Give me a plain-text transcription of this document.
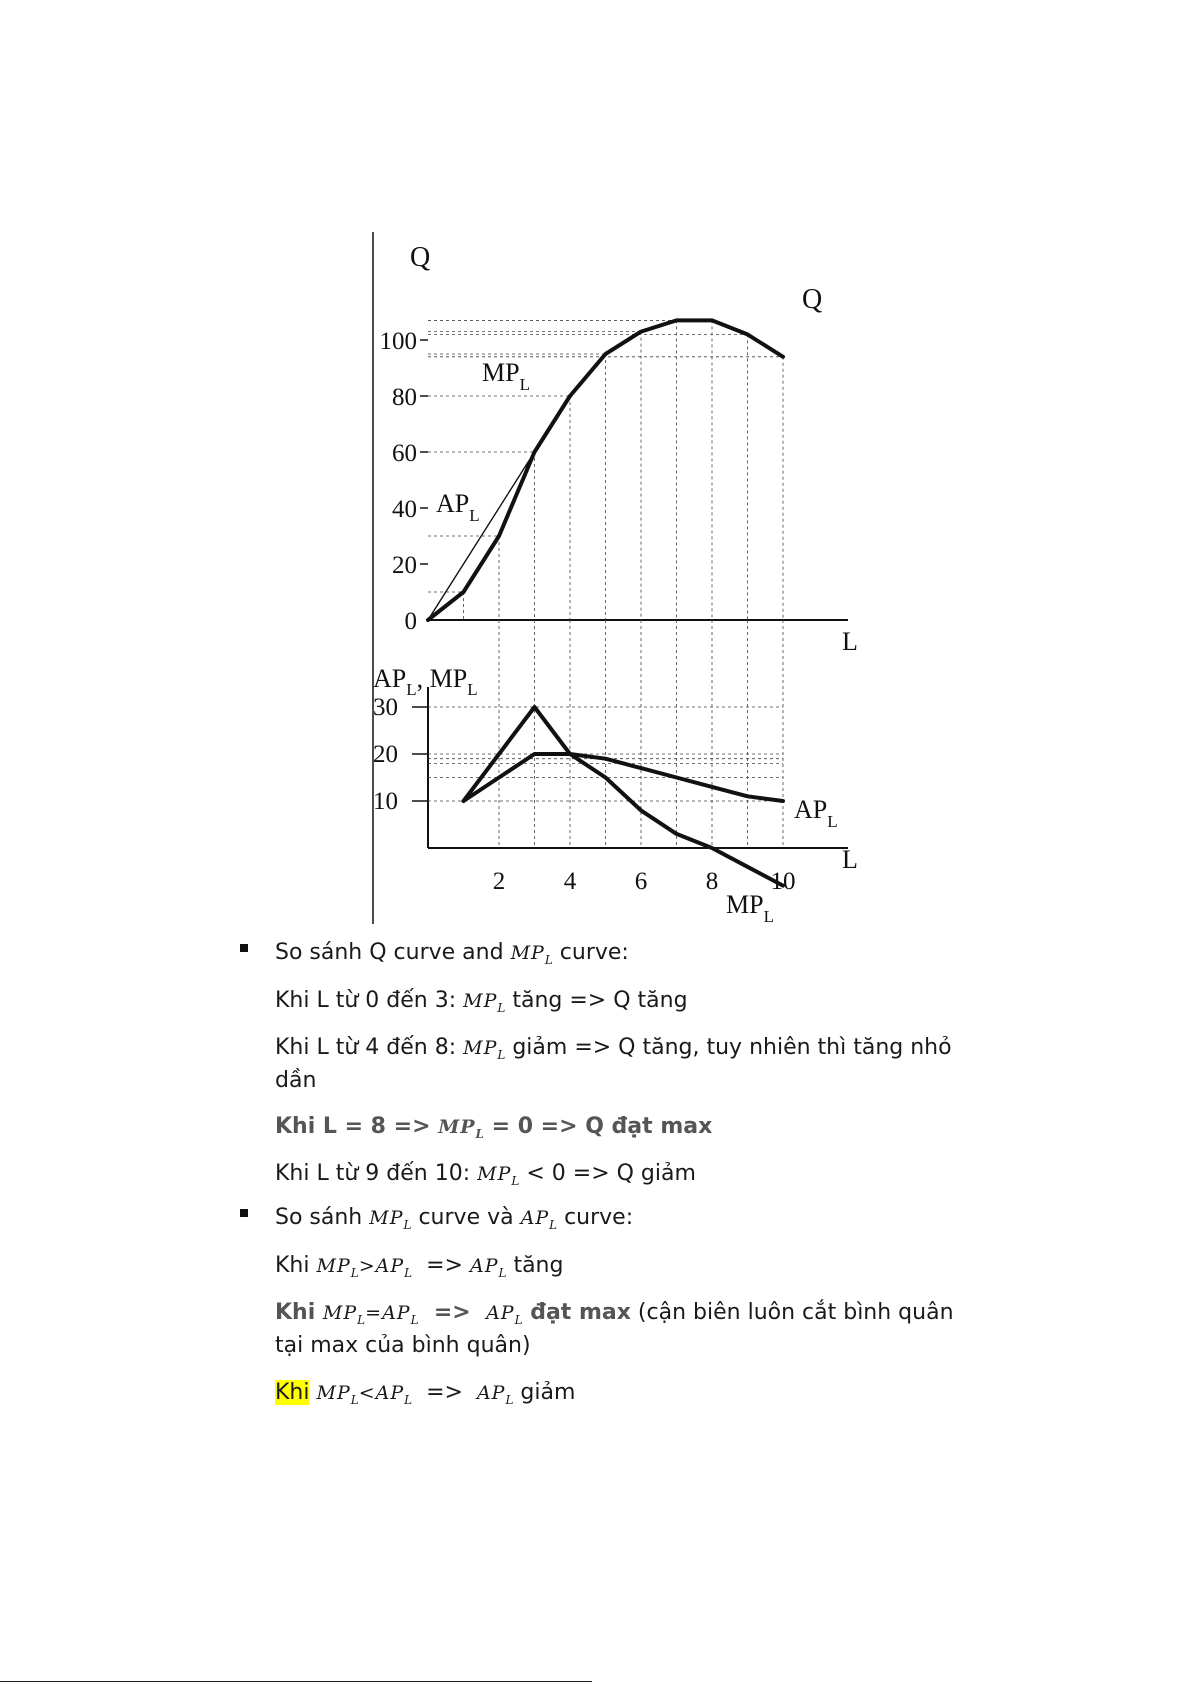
100
80
60
40
20
0
Q
L
Q
$MP_L$
$AP_L$
$AP_L$, $MP_L$
L
$AP_L$
$MP_L$
30
20
10
2 4 6 8 10
So sánh Q curve and $MP_L$ curve:
Khi L từ 0 đến 3: $MP_L$ tăng => Q tăng
Khi L từ 4 đến 8: $MP_L$ giảm => Q tăng, tuy nhiên thì tăng nhỏ
dần
Khi $L = 8 => MP_L = 0 => Q$ đạt max
Khi L từ 9 đến 10: $MP_L < 0 => Q$ giảm
So sánh $MP_L$ curve và $AP_L$ curve:
Khi $MP_L>AP_L => AP_L$ tăng
Khi $MP_L=AP_L => AP_L$ đạt max (cận biên luôn cắt bình quân
tại max của bình quân)
Khi $MP_L<AP_L => AP_L$ giảm
